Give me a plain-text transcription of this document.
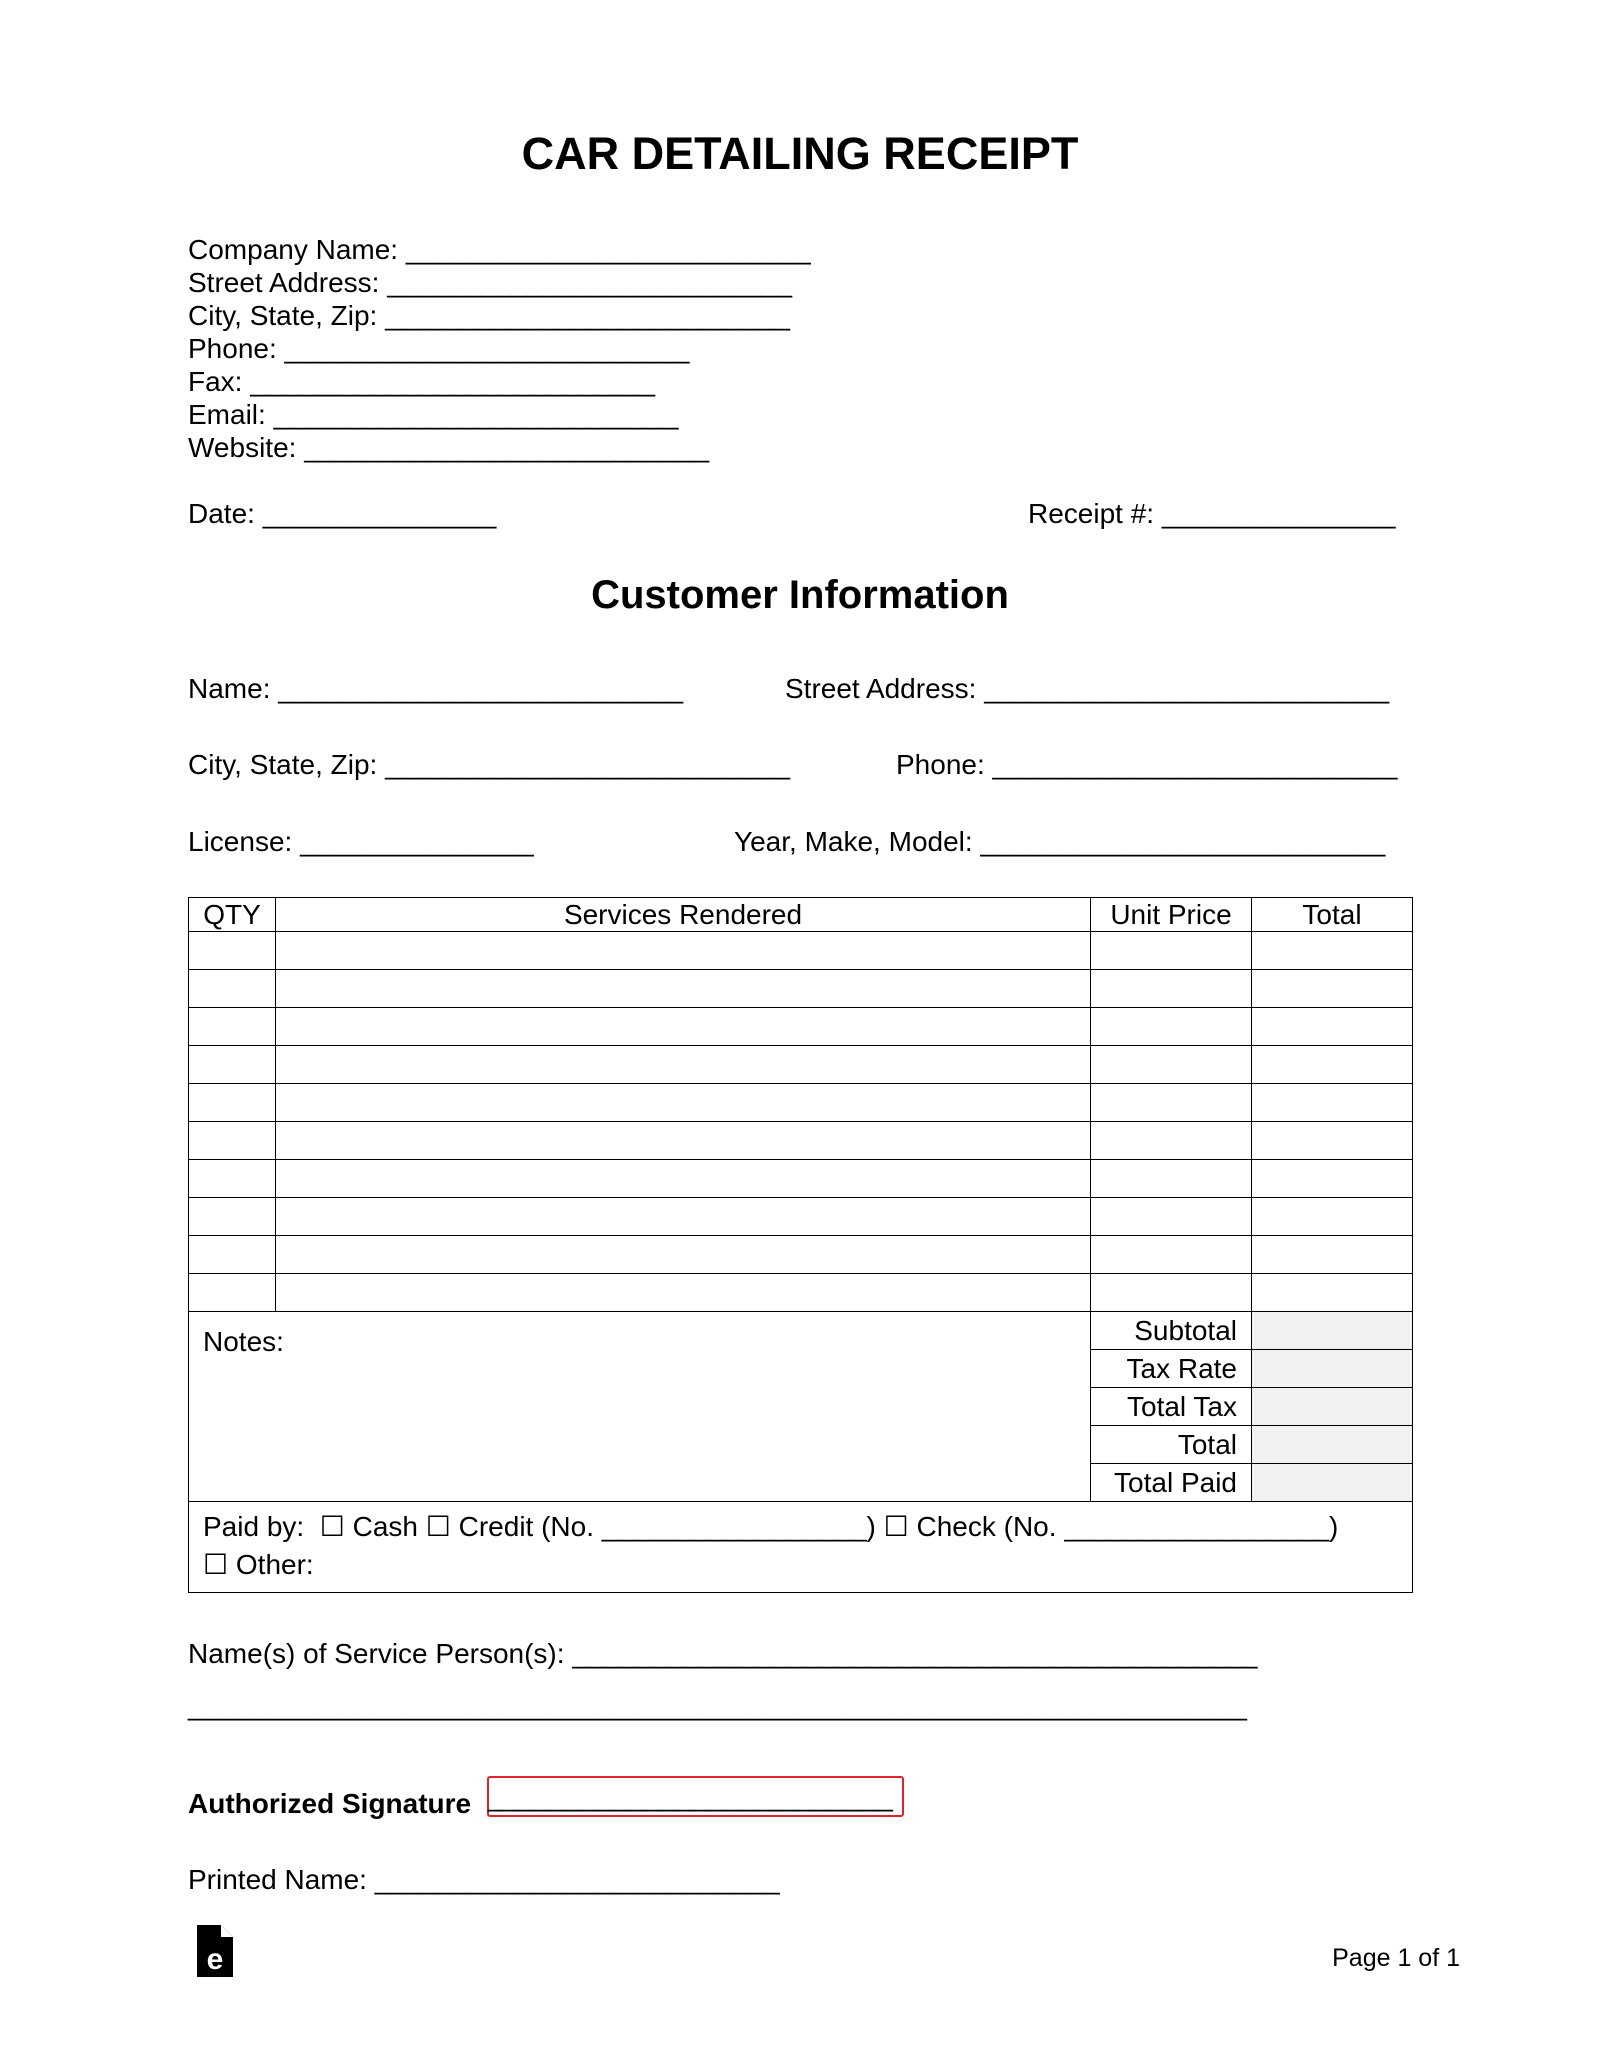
CAR DETAILING RECEIPT
Company Name: __________________________
Street Address: __________________________
City, State, Zip: __________________________
Phone: __________________________
Fax: __________________________
Email: __________________________
Website: __________________________
Date: _______________	Receipt #: _______________
Customer Information
Name: __________________________	Street Address: __________________________
City, State, Zip: __________________________	Phone: __________________________
License: _______________	Year, Make, Model: __________________________
QTY	Services Rendered	Unit Price	Total

Notes:		Subtotal	
		Tax Rate	
		Total Tax	
		Total	
		Total Paid	

Paid by:  ☐ Cash ☐ Credit (No. _________________) ☐ Check (No. _________________)
☐ Other:			
Name(s) of Service Person(s): ____________________________________________
____________________________________________________________________
Authorized Signature __________________________
Printed Name: __________________________
e	Page 1 of 1
